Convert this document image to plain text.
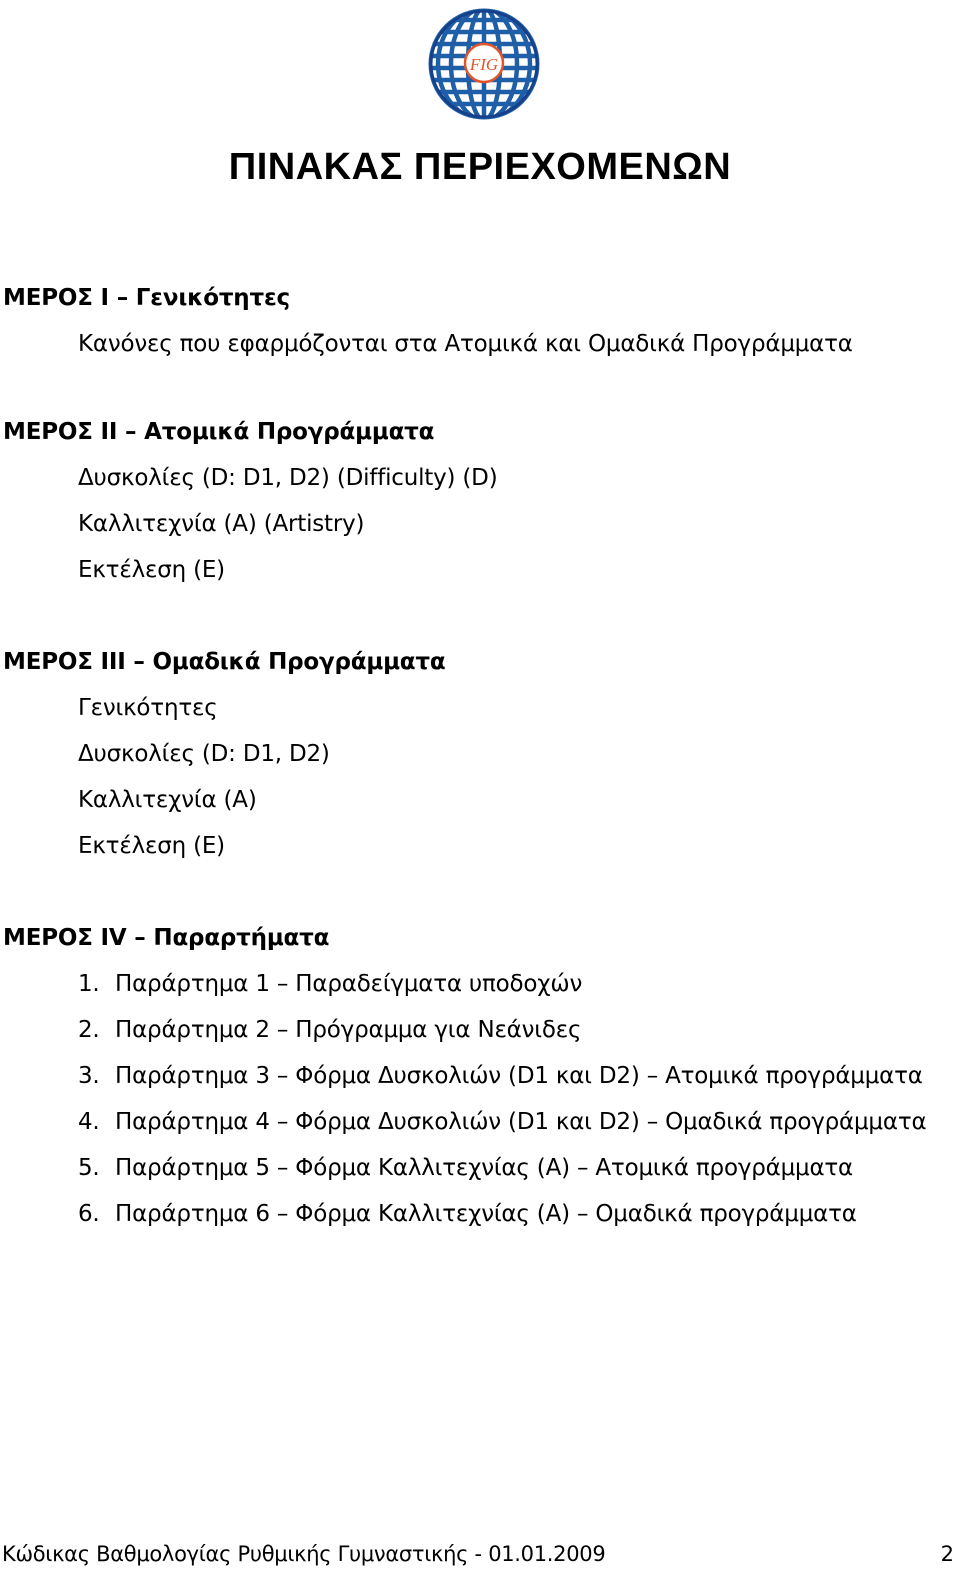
FIG
ΠΙΝΑΚΑΣ ΠΕΡΙΕΧΟΜΕΝΩΝ
ΜΕΡΟΣ I – Γενικότητες
Κανόνες που εφαρμόζονται στα Ατομικά και Ομαδικά Προγράμματα
ΜΕΡΟΣ II – Ατομικά Προγράμματα
Δυσκολίες (D: D1, D2) (Difficulty) (D)
Καλλιτεχνία (A) (Artistry)
Εκτέλεση (E)
ΜΕΡΟΣ III – Ομαδικά Προγράμματα
Γενικότητες
Δυσκολίες (D: D1, D2)
Καλλιτεχνία (A)
Εκτέλεση (E)
ΜΕΡΟΣ IV – Παραρτήματα
1. Παράρτημα 1 – Παραδείγματα υποδοχών
2. Παράρτημα 2 – Πρόγραμμα για Νεάνιδες
3. Παράρτημα 3 – Φόρμα Δυσκολιών (D1 και D2) – Ατομικά προγράμματα
4. Παράρτημα 4 – Φόρμα Δυσκολιών (D1 και D2) – Ομαδικά προγράμματα
5. Παράρτημα 5 – Φόρμα Καλλιτεχνίας (A) – Ατομικά προγράμματα
6. Παράρτημα 6 – Φόρμα Καλλιτεχνίας (A) – Ομαδικά προγράμματα
Κώδικας Βαθμολογίας Ρυθμικής Γυμναστικής - 01.01.2009	2
